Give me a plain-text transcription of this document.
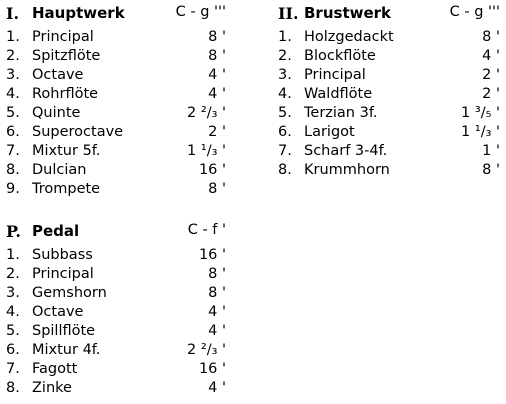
I. Hauptwerk	C - g '''
1. Principal	8 '
2. Spitzflöte	8 '
3. Octave	4 '
4. Rohrflöte	4 '
5. Quinte	2 ²/₃ '
6. Superoctave	2 '
7. Mixtur 5f.	1 ¹/₃ '
8. Dulcian	16 '
9. Trompete	8 '
II. Brustwerk	C - g '''
1. Holzgedackt	8 '
2. Blockflöte	4 '
3. Principal	2 '
4. Waldflöte	2 '
5. Terzian 3f.	1 ³/₅ '
6. Larigot	1 ¹/₃ '
7. Scharf 3-4f.	1 '
8. Krummhorn	8 '
P. Pedal	C - f '
1. Subbass	16 '
2. Principal	8 '
3. Gemshorn	8 '
4. Octave	4 '
5. Spillflöte	4 '
6. Mixtur 4f.	2 ²/₃ '
7. Fagott	16 '
8. Zinke	4 '
